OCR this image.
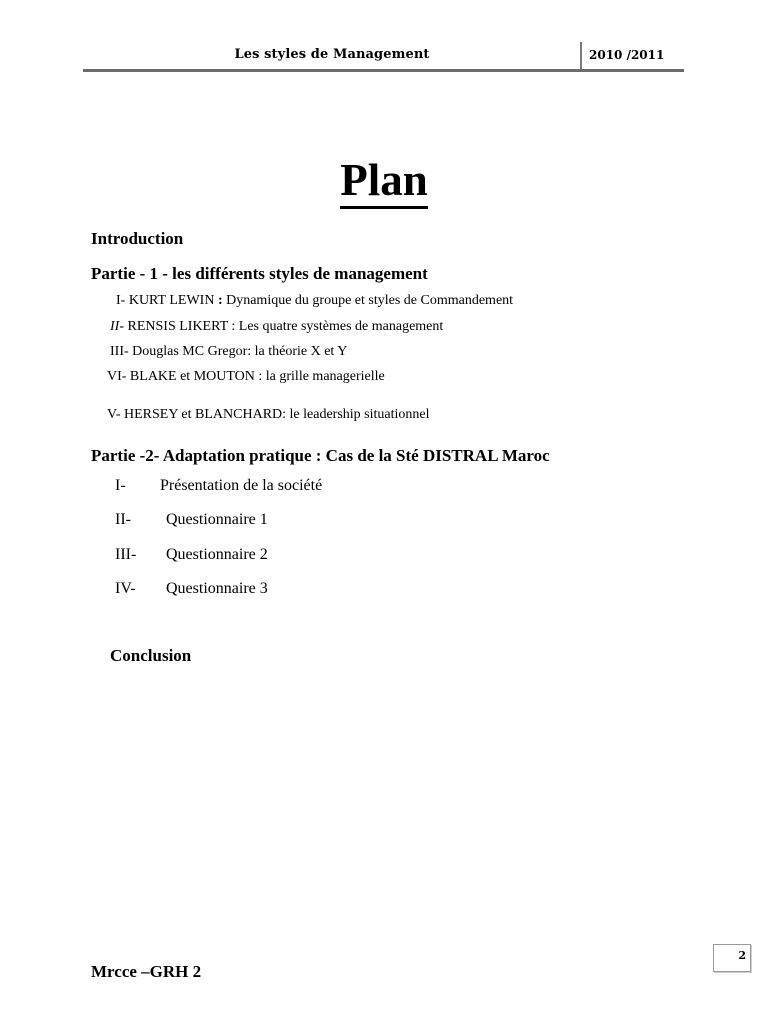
Les styles de Management	2010 /2011
Plan
Introduction
Partie - 1 - les différents styles de management
I- KURT LEWIN : Dynamique du groupe et styles de Commandement
II- RENSIS LIKERT : Les quatre systèmes de management
III- Douglas MC Gregor: la théorie X et Y
VI- BLAKE et MOUTON : la grille managerielle
V- HERSEY et BLANCHARD: le leadership situationnel
Partie -2- Adaptation pratique : Cas de la Sté DISTRAL Maroc
I- Présentation de la société
II- Questionnaire 1
III- Questionnaire 2
IV- Questionnaire 3
Conclusion
Mrcce –GRH 2
2
